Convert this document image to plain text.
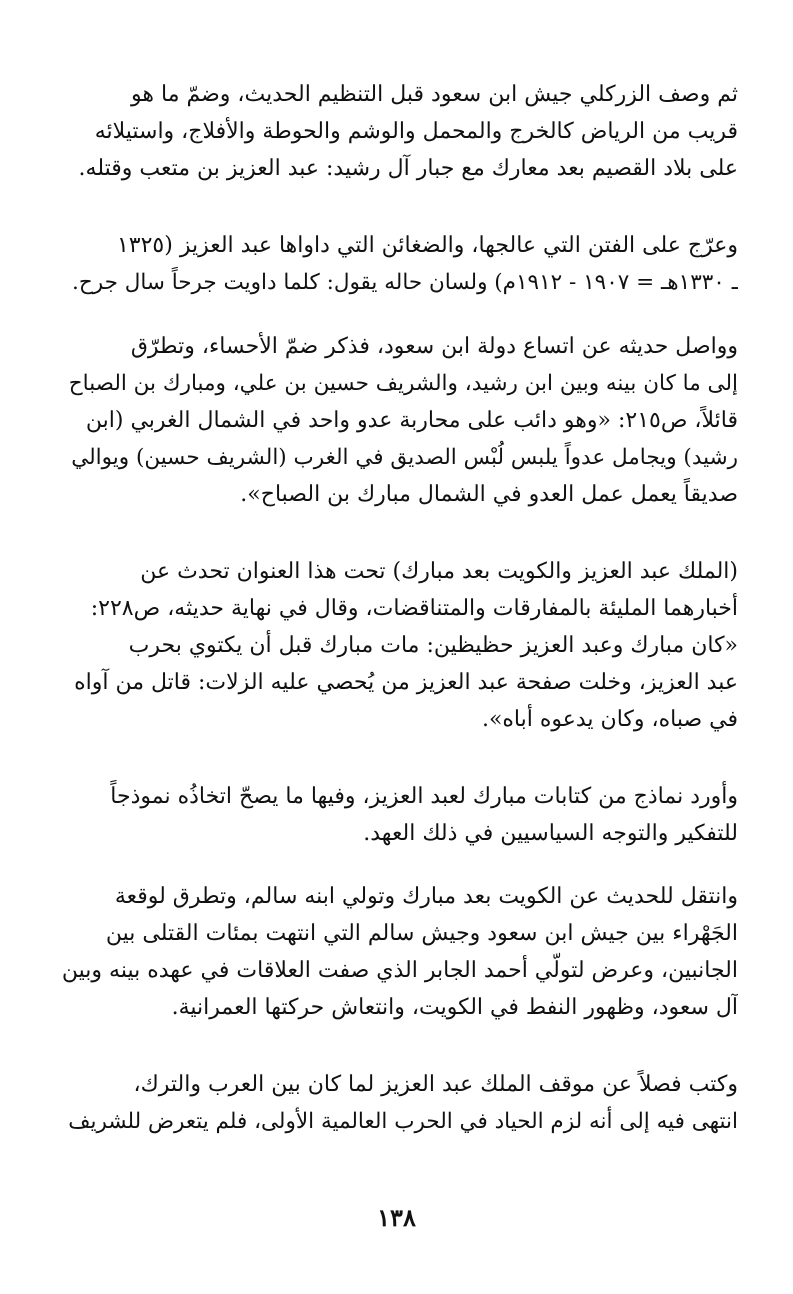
ثم وصف الزركلي جيش ابن سعود قبل التنظيم الحديث، وضمّ ما هو
قريب من الرياض كالخرج والمحمل والوشم والحوطة والأفلاج، واستيلائه
على بلاد القصيم بعد معارك مع جبار آل رشيد: عبد العزيز بن متعب وقتله.
وعرّج على الفتن التي عالجها، والضغائن التي داواها عبد العزيز (١٣٢٥
ـ ١٣٣٠هـ = ١٩٠٧ - ١٩١٢م) ولسان حاله يقول: كلما داويت جرحاً سال جرح.
وواصل حديثه عن اتساع دولة ابن سعود، فذكر ضمّ الأحساء، وتطرّق
إلى ما كان بينه وبين ابن رشيد، والشريف حسين بن علي، ومبارك بن الصباح
قائلاً، ص٢١٥: «وهو دائب على محاربة عدو واحد في الشمال الغربي (ابن
رشيد) ويجامل عدواً يلبس لُبْس الصديق في الغرب (الشريف حسين) ويوالي
صديقاً يعمل عمل العدو في الشمال مبارك بن الصباح».
(الملك عبد العزيز والكويت بعد مبارك) تحت هذا العنوان تحدث عن
أخبارهما المليئة بالمفارقات والمتناقضات، وقال في نهاية حديثه، ص٢٢٨:
«كان مبارك وعبد العزيز حظيظين: مات مبارك قبل أن يكتوي بحرب
عبد العزيز، وخلت صفحة عبد العزيز من يُحصي عليه الزلات: قاتل من آواه
في صباه، وكان يدعوه أباه».
وأورد نماذج من كتابات مبارك لعبد العزيز، وفيها ما يصحّ اتخاذُه نموذجاً
للتفكير والتوجه السياسيين في ذلك العهد.
وانتقل للحديث عن الكويت بعد مبارك وتولي ابنه سالم، وتطرق لوقعة
الجَهْراء بين جيش ابن سعود وجيش سالم التي انتهت بمئات القتلى بين
الجانبين، وعرض لتولّي أحمد الجابر الذي صفت العلاقات في عهده بينه وبين
آل سعود، وظهور النفط في الكويت، وانتعاش حركتها العمرانية.
وكتب فصلاً عن موقف الملك عبد العزيز لما كان بين العرب والترك،
انتهى فيه إلى أنه لزم الحياد في الحرب العالمية الأولى، فلم يتعرض للشريف
١٣٨
